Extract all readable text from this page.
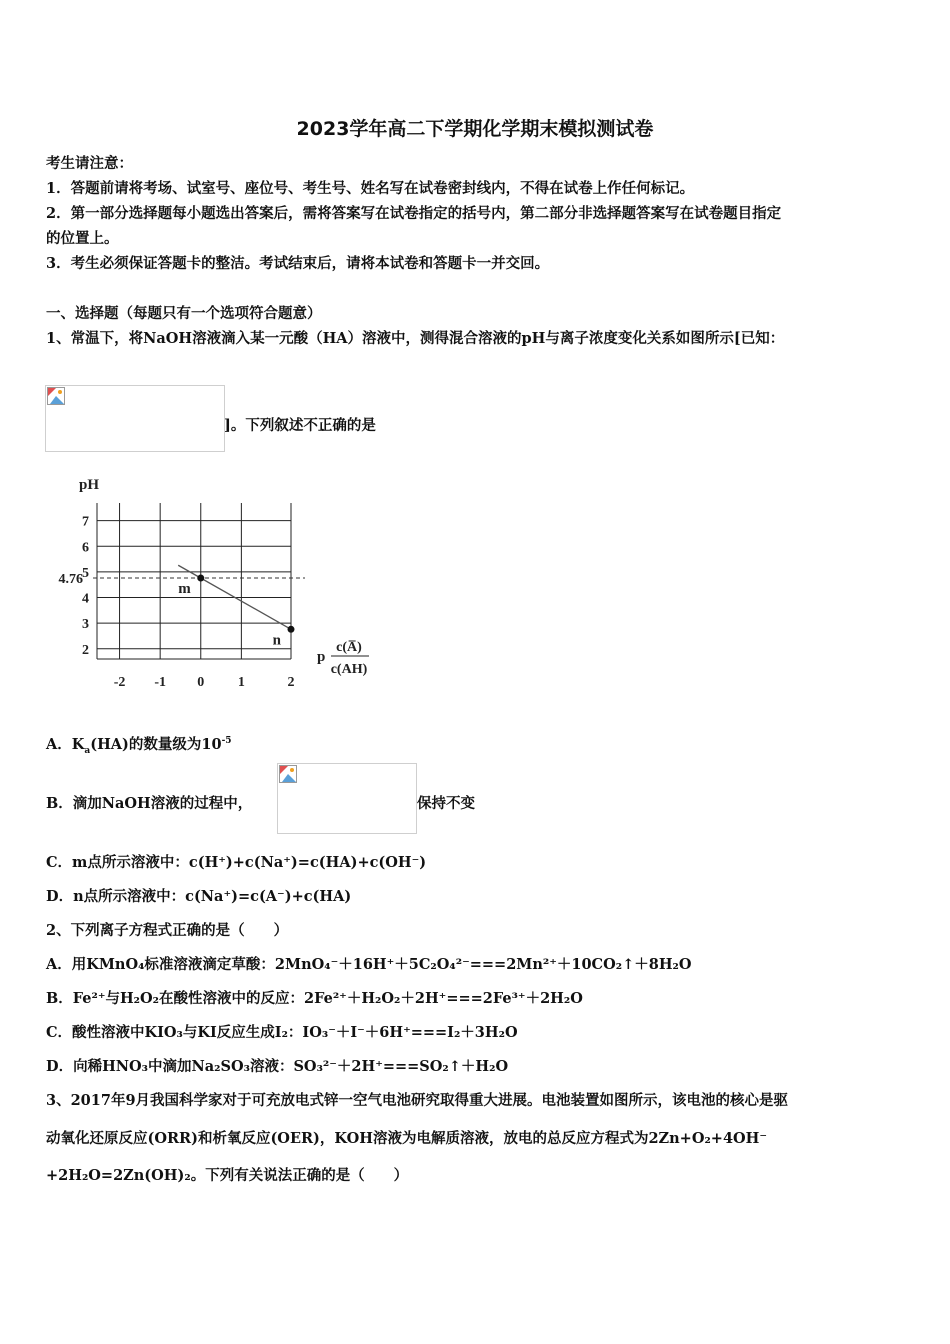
2023学年高二下学期化学期末模拟测试卷
考生请注意：
1．答题前请将考场、试室号、座位号、考生号、姓名写在试卷密封线内，不得在试卷上作任何标记。
2．第一部分选择题每小题选出答案后，需将答案写在试卷指定的括号内，第二部分非选择题答案写在试卷题目指定
的位置上。
3．考生必须保证答题卡的整洁。考试结束后，请将本试卷和答题卡一并交回。
一、选择题（每题只有一个选项符合题意）
1、常温下，将NaOH溶液滴入某一元酸（HA）溶液中，测得混合溶液的pH与离子浓度变化关系如图所示[已知：
]。下列叙述不正确的是
2
3
4
5
6
7
-2 -1 0 1	2
pH
4.76
m
n
p
c(A̅)
c(AH)
A．$K_a(HA)$的数量级为$10^{-5}$
B．滴加NaOH溶液的过程中，	保持不变
C．m点所示溶液中：c(H⁺)+c(Na⁺)=c(HA)+c(OH⁻)
D．n点所示溶液中：c(Na⁺)=c(A⁻)+c(HA)
2、下列离子方程式正确的是（　　）
A．用KMnO₄标准溶液滴定草酸：2MnO₄⁻＋16H⁺＋5C₂O₄²⁻===2Mn²⁺＋10CO₂↑＋8H₂O
B．Fe²⁺与H₂O₂在酸性溶液中的反应：2Fe²⁺＋H₂O₂＋2H⁺===2Fe³⁺＋2H₂O
C．酸性溶液中KIO₃与KI反应生成I₂：IO₃⁻＋I⁻＋6H⁺===I₂＋3H₂O
D．向稀HNO₃中滴加Na₂SO₃溶液：SO₃²⁻＋2H⁺===SO₂↑＋H₂O
3、2017年9月我国科学家对于可充放电式锌一空气电池研究取得重大进展。电池装置如图所示，该电池的核心是驱
动氧化还原反应(ORR)和析氧反应(OER)，KOH溶液为电解质溶液，放电的总反应方程式为2Zn+O₂+4OH⁻
+2H₂O=2Zn(OH)₂。下列有关说法正确的是（　　）
